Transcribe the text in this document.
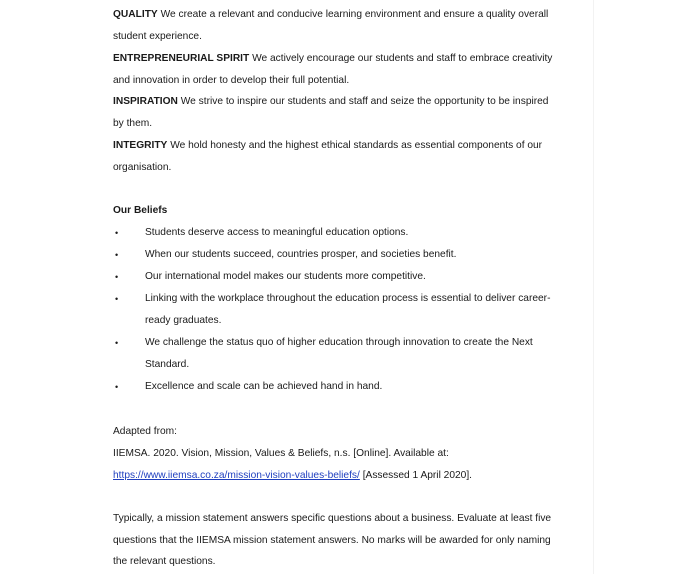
QUALITY We create a relevant and conducive learning environment and ensure a quality overall
student experience.
ENTREPRENEURIAL SPIRIT We actively encourage our students and staff to embrace creativity
and innovation in order to develop their full potential.
INSPIRATION We strive to inspire our students and staff and seize the opportunity to be inspired
by them.
INTEGRITY We hold honesty and the highest ethical standards as essential components of our
organisation.
Our Beliefs
•	Students deserve access to meaningful education options.
•	When our students succeed, countries prosper, and societies benefit.
•	Our international model makes our students more competitive.
•	Linking with the workplace throughout the education process is essential to deliver career-
ready graduates.
•	We challenge the status quo of higher education through innovation to create the Next
Standard.
•	Excellence and scale can be achieved hand in hand.
Adapted from:
IIEMSA. 2020. Vision, Mission, Values & Beliefs, n.s. [Online]. Available at:
https://www.iiemsa.co.za/mission-vision-values-beliefs/ [Assessed 1 April 2020].
Typically, a mission statement answers specific questions about a business. Evaluate at least five
questions that the IIEMSA mission statement answers. No marks will be awarded for only naming
the relevant questions.
